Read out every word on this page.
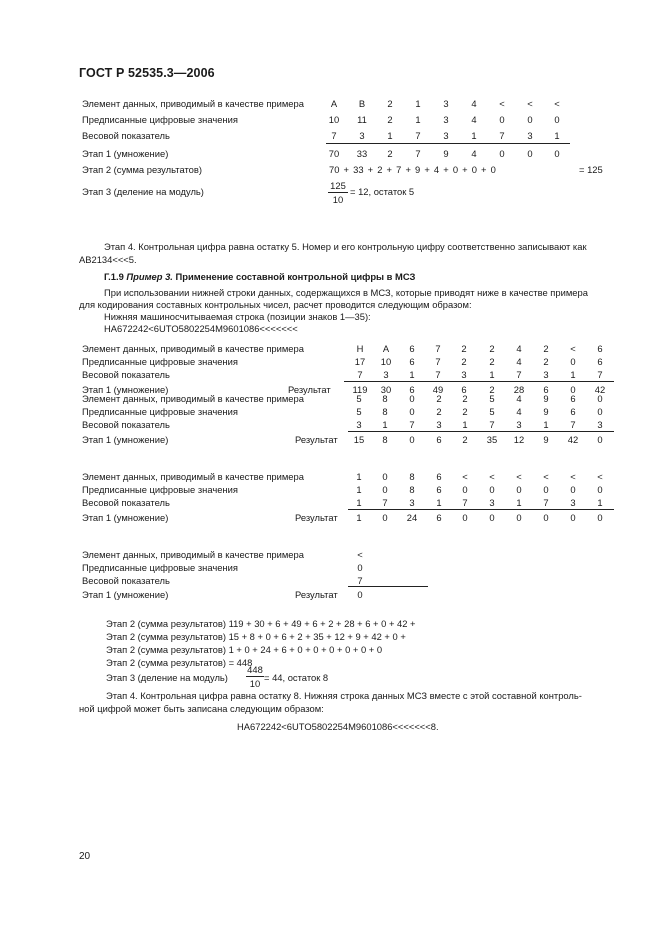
ГОСТ Р 52535.3—2006
Элемент данных, приводимый в качестве примера	A	B	2	1	3	4	<	<	<
Предписанные цифровые значения	10	11	2	1	3	4	0	0	0
Весовой показатель	7	3	1	7	3	1	7	3	1
Этап 1 (умножение)	70	33	2	7	9	4	0	0	0
Этап 2 (сумма результатов)	70 + 33 + 2 + 7 + 9 + 4 + 0 + 0 + 0	= 125
Этап 3 (деление на модуль)
125
10
= 12, остаток 5
Этап 4. Контрольная цифра равна остатку 5. Номер и его контрольную цифру соответственно записывают как
АВ2134<<<5.
Г.1.9 Пример 3. Применение составной контрольной цифры в МСЗ
При использовании нижней строки данных, содержащихся в МСЗ, которые приводят ниже в качестве примера
для кодирования составных контрольных чисел, расчет проводится следующим образом:
Нижняя машиносчитываемая строка (позиции знаков 1—35):
HA672242<6UTO5802254M9601086<<<<<<<
Элемент данных, приводимый в качестве примера	H	A	6	7	2	2	4	2	<	6
Предписанные цифровые значения	17	10	6	7	2	2	4	2	0	6
Весовой показатель	7	3	1	7	3	1	7	3	1	7
Этап 1 (умножение)	Результат	119	30	6	49	6	2	28	6	0	42
Элемент данных, приводимый в качестве примера	5	8	0	2	2	5	4	9	6	0
Предписанные цифровые значения	5	8	0	2	2	5	4	9	6	0
Весовой показатель	3	1	7	3	1	7	3	1	7	3
Этап 1 (умножение)	Результат	15	8	0	6	2	35	12	9	42	0
Элемент данных, приводимый в качестве примера	1	0	8	6	<	<	<	<	<	<
Предписанные цифровые значения	1	0	8	6	0	0	0	0	0	0
Весовой показатель	1	7	3	1	7	3	1	7	3	1
Этап 1 (умножение)	Результат	1	0	24	6	0	0	0	0	0	0
Элемент данных, приводимый в качестве примера	<
Предписанные цифровые значения	0
Весовой показатель	7
Этап 1 (умножение)	Результат	0
Этап 2 (сумма результатов) 119 + 30 + 6 + 49 + 6 + 2 + 28 + 6 + 0 + 42 +
Этап 2 (сумма результатов) 15 + 8 + 0 + 6 + 2 + 35 + 12 + 9 + 42 + 0 +
Этап 2 (сумма результатов) 1 + 0 + 24 + 6 + 0 + 0 + 0 + 0 + 0 + 0
Этап 2 (сумма результатов) = 448
Этап 3 (деление на модуль)
448
10
= 44, остаток 8
Этап 4. Контрольная цифра равна остатку 8. Нижняя строка данных МСЗ вместе с этой составной контроль-
ной цифрой может быть записана следующим образом:
HA672242<6UTO5802254M9601086<<<<<<<8.
20
